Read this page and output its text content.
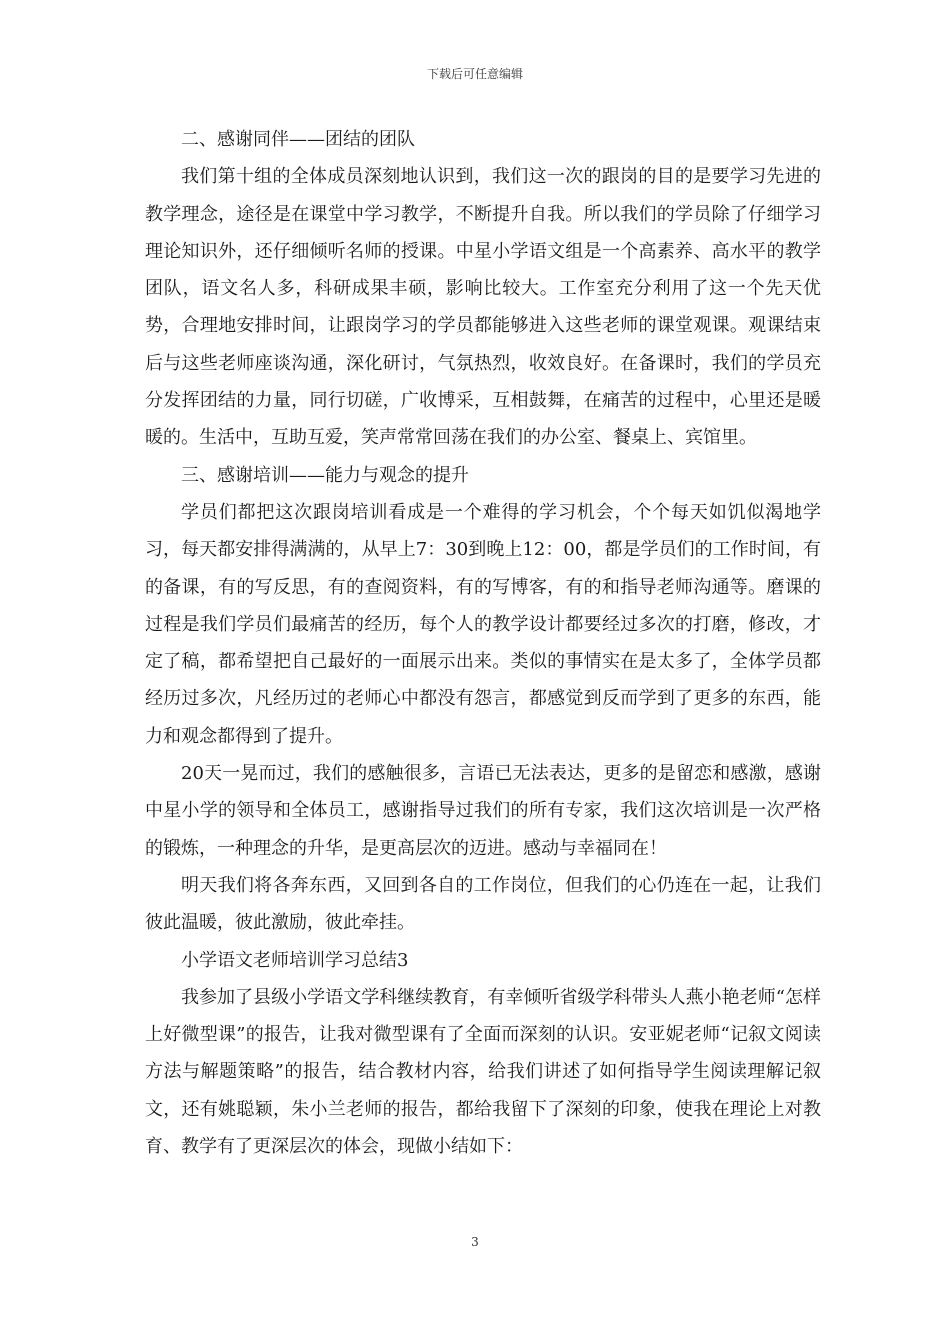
下载后可任意编辑

二、感谢同伴——团结的团队

我们第十组的全体成员深刻地认识到，我们这一次的跟岗的目的是要学习先进的教学理念，途径是在课堂中学习教学，不断提升自我。所以我们的学员除了仔细学习理论知识外，还仔细倾听名师的授课。中星小学语文组是一个高素养、高水平的教学团队，语文名人多，科研成果丰硕，影响比较大。工作室充分利用了这一个先天优势，合理地安排时间，让跟岗学习的学员都能够进入这些老师的课堂观课。观课结束后与这些老师座谈沟通，深化研讨，气氛热烈，收效良好。在备课时，我们的学员充分发挥团结的力量，同行切磋，广收博采，互相鼓舞，在痛苦的过程中，心里还是暖暖的。生活中，互助互爱，笑声常常回荡在我们的办公室、餐桌上、宾馆里。

三、感谢培训——能力与观念的提升

学员们都把这次跟岗培训看成是一个难得的学习机会，个个每天如饥似渴地学习，每天都安排得满满的，从早上7：30到晚上12：00，都是学员们的工作时间，有的备课，有的写反思，有的查阅资料，有的写博客，有的和指导老师沟通等。磨课的过程是我们学员们最痛苦的经历，每个人的教学设计都要经过多次的打磨，修改，才定了稿，都希望把自己最好的一面展示出来。类似的事情实在是太多了，全体学员都经历过多次，凡经历过的老师心中都没有怨言，都感觉到反而学到了更多的东西，能力和观念都得到了提升。

20天一晃而过，我们的感触很多，言语已无法表达，更多的是留恋和感激，感谢中星小学的领导和全体员工，感谢指导过我们的所有专家，我们这次培训是一次严格的锻炼，一种理念的升华，是更高层次的迈进。感动与幸福同在！

明天我们将各奔东西，又回到各自的工作岗位，但我们的心仍连在一起，让我们彼此温暖，彼此激励，彼此牵挂。

小学语文老师培训学习总结3

我参加了县级小学语文学科继续教育，有幸倾听省级学科带头人燕小艳老师“怎样上好微型课”的报告，让我对微型课有了全面而深刻的认识。安亚妮老师“记叙文阅读方法与解题策略”的报告，结合教材内容，给我们讲述了如何指导学生阅读理解记叙文，还有姚聪颖，朱小兰老师的报告，都给我留下了深刻的印象，使我在理论上对教育、教学有了更深层次的体会，现做小结如下：

3
